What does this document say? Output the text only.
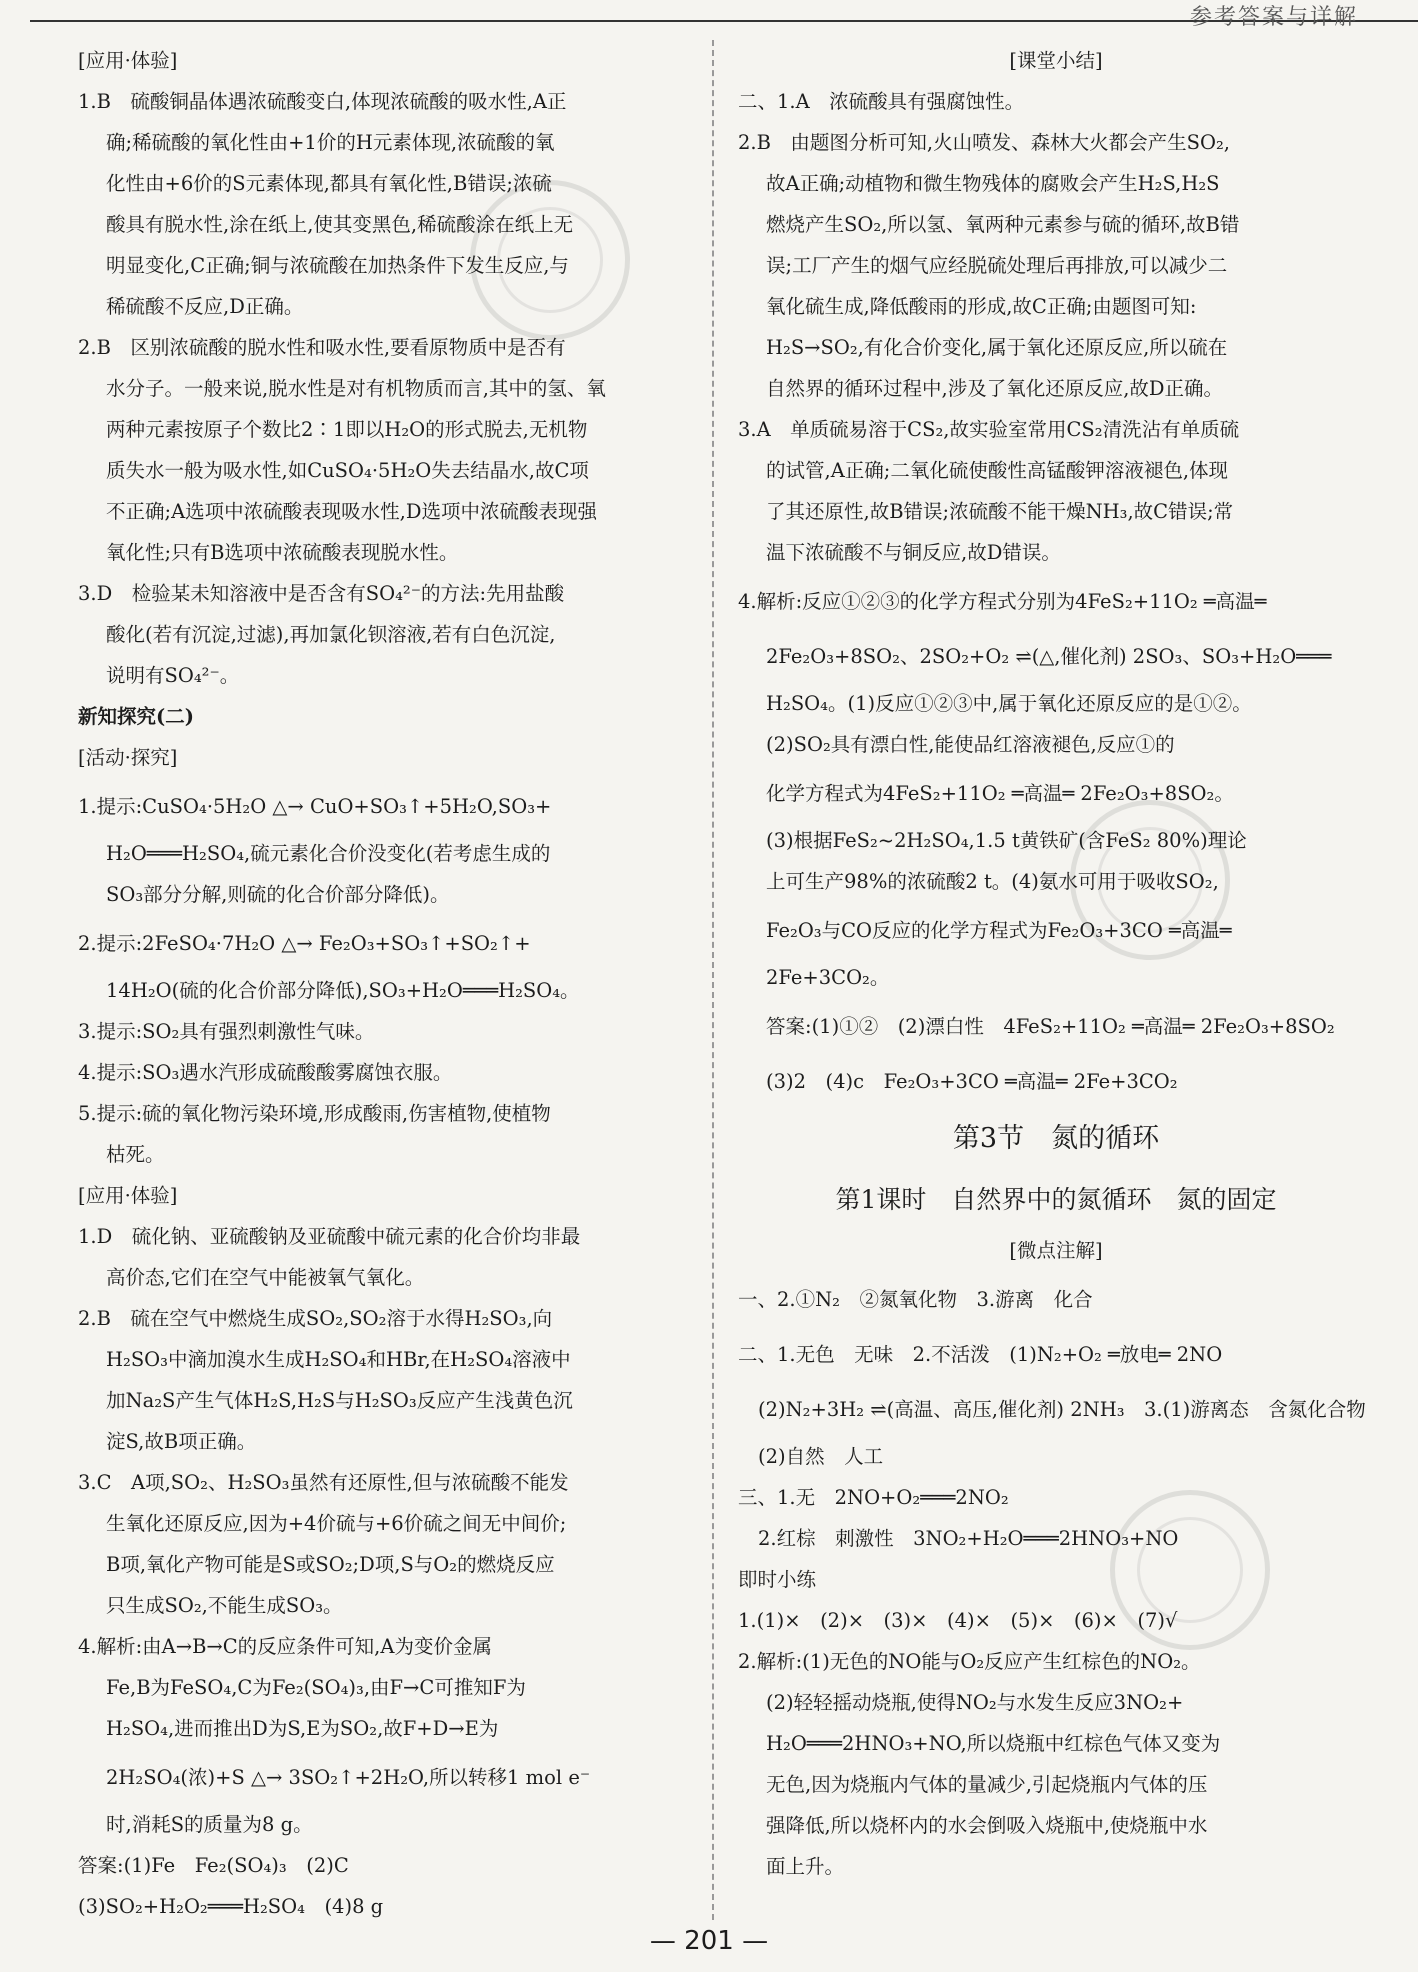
参考答案与详解
[应用·体验]
1.B　硫酸铜晶体遇浓硫酸变白,体现浓硫酸的吸水性,A正
确;稀硫酸的氧化性由+1价的H元素体现,浓硫酸的氧
化性由+6价的S元素体现,都具有氧化性,B错误;浓硫
酸具有脱水性,涂在纸上,使其变黑色,稀硫酸涂在纸上无
明显变化,C正确;铜与浓硫酸在加热条件下发生反应,与
稀硫酸不反应,D正确。
2.B　区别浓硫酸的脱水性和吸水性,要看原物质中是否有
水分子。一般来说,脱水性是对有机物质而言,其中的氢、氧
两种元素按原子个数比2∶1即以H₂O的形式脱去,无机物
质失水一般为吸水性,如CuSO₄·5H₂O失去结晶水,故C项
不正确;A选项中浓硫酸表现吸水性,D选项中浓硫酸表现强
氧化性;只有B选项中浓硫酸表现脱水性。
3.D　检验某未知溶液中是否含有SO₄²⁻的方法:先用盐酸
酸化(若有沉淀,过滤),再加氯化钡溶液,若有白色沉淀,
说明有SO₄²⁻。
新知探究(二)
[活动·探究]
1.提示:CuSO₄·5H₂O △→ CuO+SO₃↑+5H₂O,SO₃+
H₂O═══H₂SO₄,硫元素化合价没变化(若考虑生成的
SO₃部分分解,则硫的化合价部分降低)。
2.提示:2FeSO₄·7H₂O △→ Fe₂O₃+SO₃↑+SO₂↑+
14H₂O(硫的化合价部分降低),SO₃+H₂O═══H₂SO₄。
3.提示:SO₂具有强烈刺激性气味。
4.提示:SO₃遇水汽形成硫酸酸雾腐蚀衣服。
5.提示:硫的氧化物污染环境,形成酸雨,伤害植物,使植物
枯死。
[应用·体验]
1.D　硫化钠、亚硫酸钠及亚硫酸中硫元素的化合价均非最
高价态,它们在空气中能被氧气氧化。
2.B　硫在空气中燃烧生成SO₂,SO₂溶于水得H₂SO₃,向
H₂SO₃中滴加溴水生成H₂SO₄和HBr,在H₂SO₄溶液中
加Na₂S产生气体H₂S,H₂S与H₂SO₃反应产生浅黄色沉
淀S,故B项正确。
3.C　A项,SO₂、H₂SO₃虽然有还原性,但与浓硫酸不能发
生氧化还原反应,因为+4价硫与+6价硫之间无中间价;
B项,氧化产物可能是S或SO₂;D项,S与O₂的燃烧反应
只生成SO₂,不能生成SO₃。
4.解析:由A→B→C的反应条件可知,A为变价金属
Fe,B为FeSO₄,C为Fe₂(SO₄)₃,由F→C可推知F为
H₂SO₄,进而推出D为S,E为SO₂,故F+D→E为
2H₂SO₄(浓)+S △→ 3SO₂↑+2H₂O,所以转移1 mol e⁻
时,消耗S的质量为8 g。
答案:(1)Fe　Fe₂(SO₄)₃　(2)C
(3)SO₂+H₂O₂═══H₂SO₄　(4)8 g
[课堂小结]
二、1.A　浓硫酸具有强腐蚀性。
2.B　由题图分析可知,火山喷发、森林大火都会产生SO₂,
故A正确;动植物和微生物残体的腐败会产生H₂S,H₂S
燃烧产生SO₂,所以氢、氧两种元素参与硫的循环,故B错
误;工厂产生的烟气应经脱硫处理后再排放,可以减少二
氧化硫生成,降低酸雨的形成,故C正确;由题图可知:
H₂S→SO₂,有化合价变化,属于氧化还原反应,所以硫在
自然界的循环过程中,涉及了氧化还原反应,故D正确。
3.A　单质硫易溶于CS₂,故实验室常用CS₂清洗沾有单质硫
的试管,A正确;二氧化硫使酸性高锰酸钾溶液褪色,体现
了其还原性,故B错误;浓硫酸不能干燥NH₃,故C错误;常
温下浓硫酸不与铜反应,故D错误。
4.解析:反应①②③的化学方程式分别为4FeS₂+11O₂ ═高温═
2Fe₂O₃+8SO₂、2SO₂+O₂ ⇌(△,催化剂) 2SO₃、SO₃+H₂O═══
H₂SO₄。(1)反应①②③中,属于氧化还原反应的是①②。
(2)SO₂具有漂白性,能使品红溶液褪色,反应①的
化学方程式为4FeS₂+11O₂ ═高温═ 2Fe₂O₃+8SO₂。
(3)根据FeS₂~2H₂SO₄,1.5 t黄铁矿(含FeS₂ 80%)理论
上可生产98%的浓硫酸2 t。(4)氨水可用于吸收SO₂,
Fe₂O₃与CO反应的化学方程式为Fe₂O₃+3CO ═高温═
2Fe+3CO₂。
答案:(1)①②　(2)漂白性　4FeS₂+11O₂ ═高温═ 2Fe₂O₃+8SO₂
(3)2　(4)c　Fe₂O₃+3CO ═高温═ 2Fe+3CO₂
第3节　氮的循环
第1课时　自然界中的氮循环　氮的固定
[微点注解]
一、2.①N₂　②氮氧化物　3.游离　化合
二、1.无色　无味　2.不活泼　(1)N₂+O₂ ═放电═ 2NO
(2)N₂+3H₂ ⇌(高温、高压,催化剂) 2NH₃　3.(1)游离态　含氮化合物
(2)自然　人工
三、1.无　2NO+O₂═══2NO₂
2.红棕　刺激性　3NO₂+H₂O═══2HNO₃+NO
即时小练
1.(1)×　(2)×　(3)×　(4)×　(5)×　(6)×　(7)√
2.解析:(1)无色的NO能与O₂反应产生红棕色的NO₂。
(2)轻轻摇动烧瓶,使得NO₂与水发生反应3NO₂+
H₂O═══2HNO₃+NO,所以烧瓶中红棕色气体又变为
无色,因为烧瓶内气体的量减少,引起烧瓶内气体的压
强降低,所以烧杯内的水会倒吸入烧瓶中,使烧瓶中水
面上升。
— 201 —
